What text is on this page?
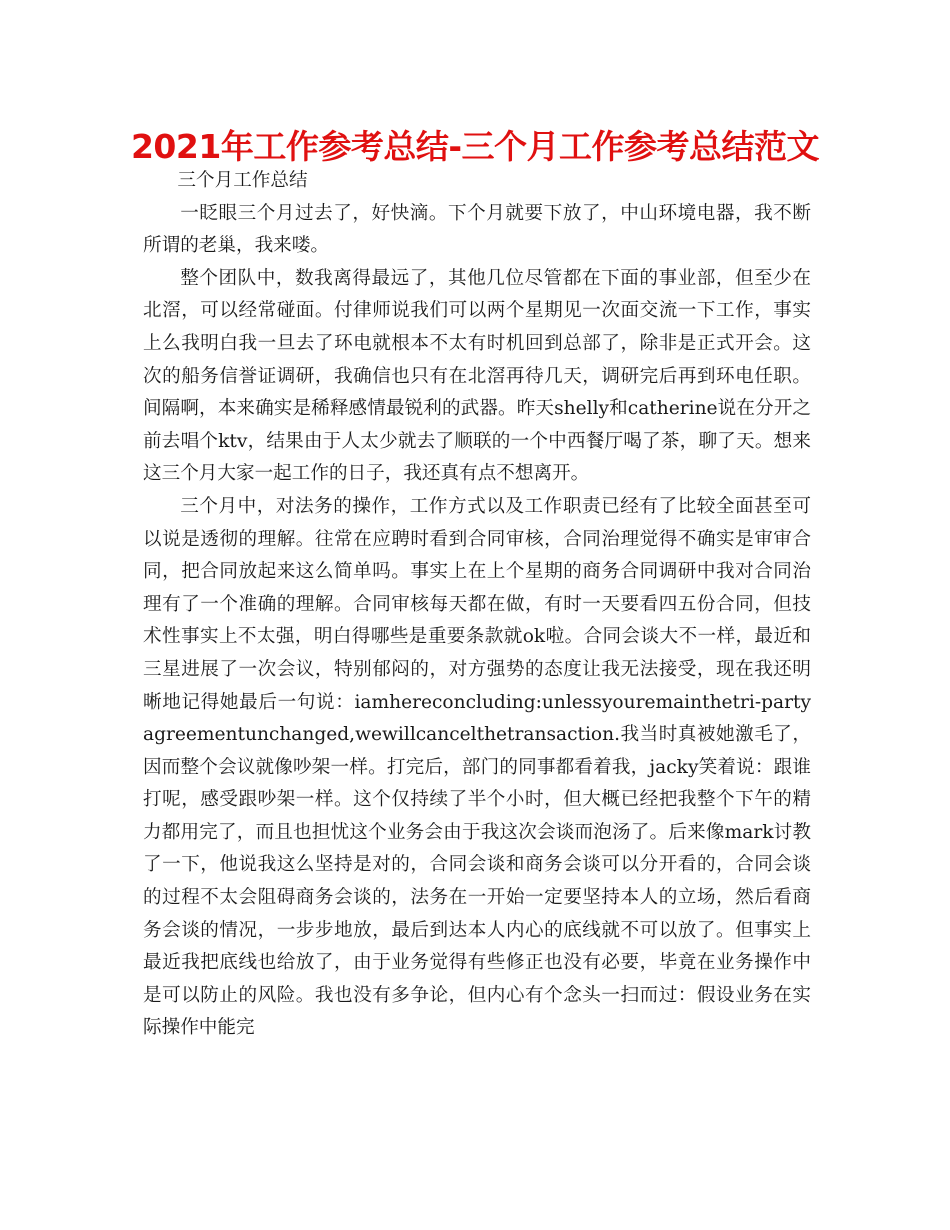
2021年工作参考总结-三个月工作参考总结范文

三个月工作总结

一眨眼三个月过去了，好快滴。下个月就要下放了，中山环境电器，我不断所谓的老巢，我来喽。

整个团队中，数我离得最远了，其他几位尽管都在下面的事业部，但至少在北滘，可以经常碰面。付律师说我们可以两个星期见一次面交流一下工作，事实上么我明白我一旦去了环电就根本不太有时机回到总部了，除非是正式开会。这次的船务信誉证调研，我确信也只有在北滘再待几天，调研完后再到环电任职。间隔啊，本来确实是稀释感情最锐利的武器。昨天shelly和catherine说在分开之前去唱个ktv，结果由于人太少就去了顺联的一个中西餐厅喝了茶，聊了天。想来这三个月大家一起工作的日子，我还真有点不想离开。

三个月中，对法务的操作，工作方式以及工作职责已经有了比较全面甚至可以说是透彻的理解。往常在应聘时看到合同审核，合同治理觉得不确实是审审合同，把合同放起来这么简单吗。事实上在上个星期的商务合同调研中我对合同治理有了一个准确的理解。合同审核每天都在做，有时一天要看四五份合同，但技术性事实上不太强，明白得哪些是重要条款就ok啦。合同会谈大不一样，最近和三星进展了一次会议，特别郁闷的，对方强势的态度让我无法接受，现在我还明晰地记得她最后一句说：iamhereconcluding:unlessyouremainthetri-partyagreementunchanged,wewillcancelthetransaction.我当时真被她激毛了，因而整个会议就像吵架一样。打完后，部门的同事都看着我，jacky笑着说：跟谁打呢，感受跟吵架一样。这个仅持续了半个小时，但大概已经把我整个下午的精力都用完了，而且也担忧这个业务会由于我这次会谈而泡汤了。后来像mark讨教了一下，他说我这么坚持是对的，合同会谈和商务会谈可以分开看的，合同会谈的过程不太会阻碍商务会谈的，法务在一开始一定要坚持本人的立场，然后看商务会谈的情况，一步步地放，最后到达本人内心的底线就不可以放了。但事实上最近我把底线也给放了，由于业务觉得有些修正也没有必要，毕竟在业务操作中是可以防止的风险。我也没有多争论，但内心有个念头一扫而过：假设业务在实际操作中能完
